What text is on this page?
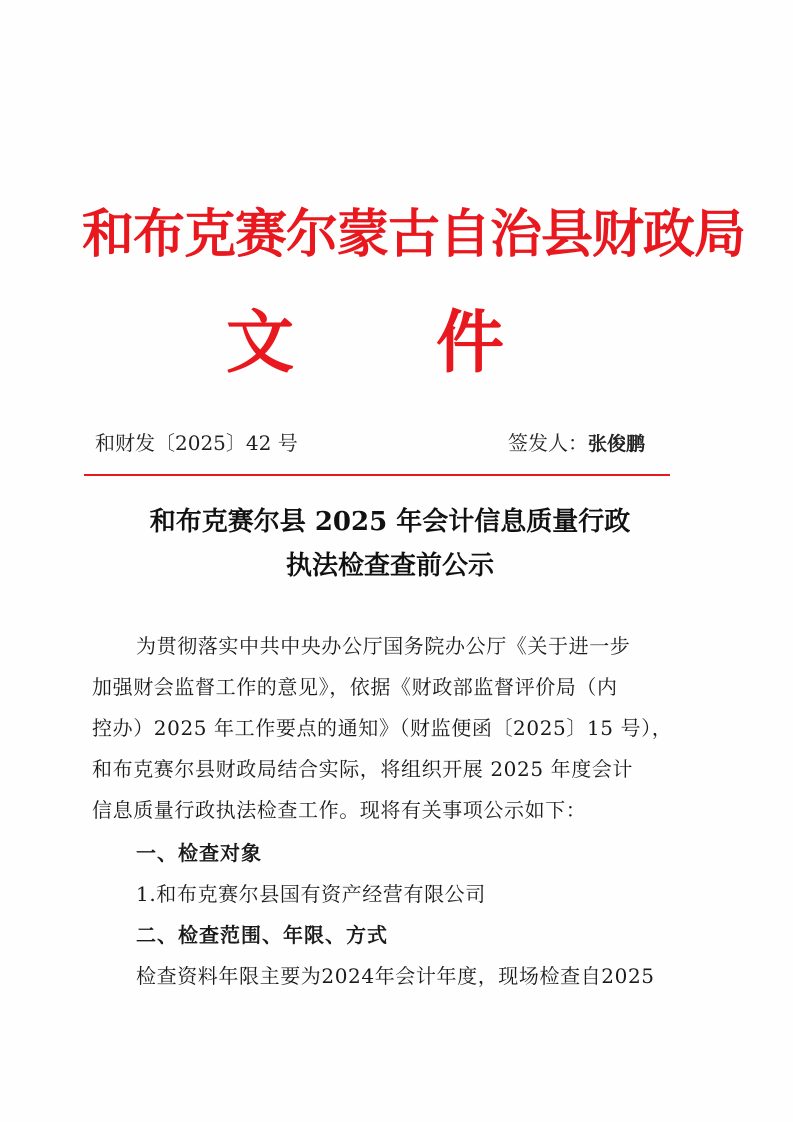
和布克赛尔蒙古自治县财政局
文 件
和财发〔2025〕42 号	签发人：张俊鹏
和布克赛尔县 2025 年会计信息质量行政
执法检查查前公示
为贯彻落实中共中央办公厅国务院办公厅《关于进一步
加强财会监督工作的意见》，依据《财政部监督评价局（内
控办）2025 年工作要点的通知》（财监便函〔2025〕15 号），
和布克赛尔县财政局结合实际，将组织开展 2025 年度会计
信息质量行政执法检查工作。现将有关事项公示如下：
一、检查对象
1.和布克赛尔县国有资产经营有限公司
二、检查范围、年限、方式
检查资料年限主要为2024年会计年度，现场检查自2025
